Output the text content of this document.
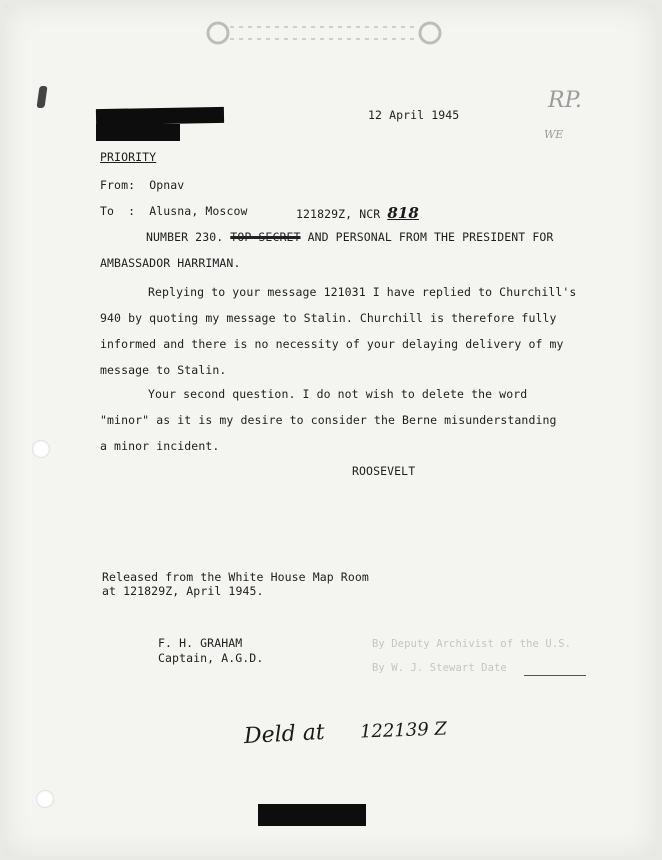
12 April 1945
RP.
WE
PRIORITY
From: Opnav
To  : Alusna, Moscow	121829Z, NCR 818
NUMBER 230. TOP SECRET AND PERSONAL FROM THE PRESIDENT FOR
AMBASSADOR HARRIMAN.

Replying to your message 121031 I have replied to Churchill's

940 by quoting my message to Stalin. Churchill is therefore fully

informed and there is no necessity of your delaying delivery of my

message to Stalin.

Your second question. I do not wish to delete the word

"minor" as it is my desire to consider the Berne misunderstanding

a minor incident.

ROOSEVELT
Released from the White House Map Room
at 121829Z, April 1945.
F. H. GRAHAM
Captain, A.G.D.
By Deputy Archivist of the U.S.
By W. J. Stewart Date
Deld at 122139 Z
